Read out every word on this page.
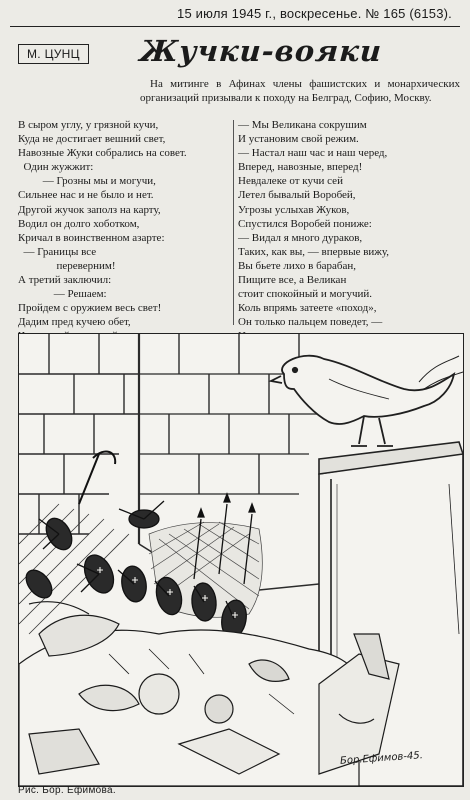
15 июля 1945 г., воскресенье. № 165 (6153).
М. ЦУНЦ	Жучки-вояки
На митинге в Афинах члены фашистских и монархических организаций призывали к походу на Белград, Софию, Москву.
В сыром углу, у грязной кучи,
Куда не достигает вешний свет,
Навозные Жуки собрались на совет.
Один жужжит:
— Грозны мы и могучи,
Сильнее нас и не было и нет.
Другой жучок заполз на карту,
Водил он долго хоботком,
Кричал в воинственном азарте:
— Границы все
переверним!
А третий заключил:
— Решаем:
Пройдем с оружием весь свет!
Дадим пред кучею обет,
— Мы Великана сокрушим
И установим свой режим.
— Настал наш час и наш черед,
Вперед, навозные, вперед!
Невдалеке от кучи сей
Летел бывалый Воробей,
Угрозы услыхав Жуков,
Спустился Воробей пониже:
— Видал я много дураков,
Таких, как вы, — впервые вижу,
Вы бьете лихо в барабан,
Пищите все, а Великан
стоит спокойный и могучий.
Коль впрямь затеете «поход»,
Он только пальцем поведет, —
Бор.Ефимов-45.
Рис. Бор. Ефимова.
